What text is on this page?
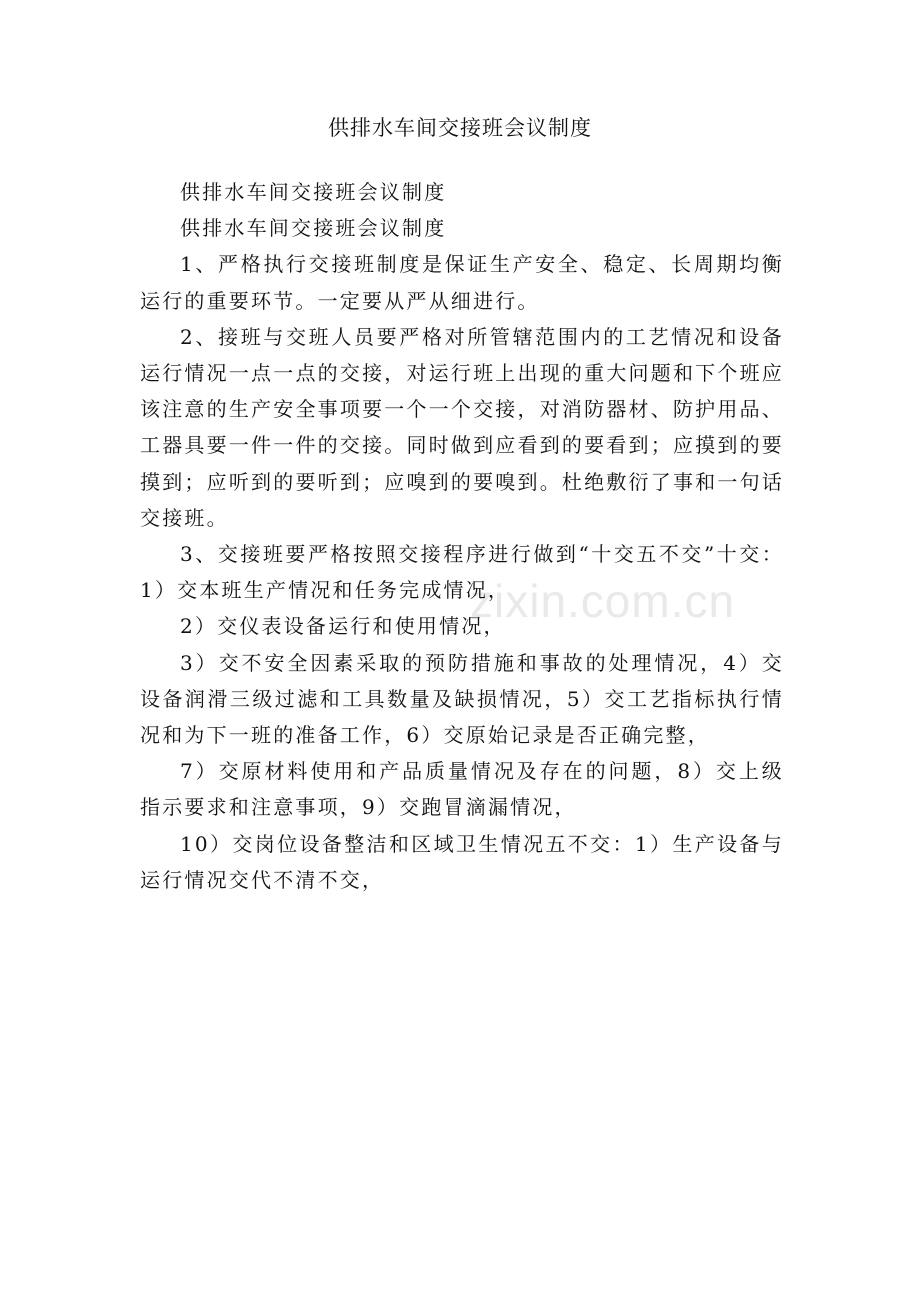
zixin.com.cn
供排水车间交接班会议制度

供排水车间交接班会议制度

供排水车间交接班会议制度

1、严格执行交接班制度是保证生产安全、稳定、长周期均衡运行的重要环节。一定要从严从细进行。

2、接班与交班人员要严格对所管辖范围内的工艺情况和设备运行情况一点一点的交接，对运行班上出现的重大问题和下个班应该注意的生产安全事项要一个一个交接，对消防器材、防护用品、工器具要一件一件的交接。同时做到应看到的要看到；应摸到的要摸到；应听到的要听到；应嗅到的要嗅到。杜绝敷衍了事和一句话交接班。

3、交接班要严格按照交接程序进行做到“十交五不交”十交：1）交本班生产情况和任务完成情况，

2）交仪表设备运行和使用情况，

3）交不安全因素采取的预防措施和事故的处理情况，4）交设备润滑三级过滤和工具数量及缺损情况，5）交工艺指标执行情况和为下一班的准备工作，6）交原始记录是否正确完整，

7）交原材料使用和产品质量情况及存在的问题，8）交上级指示要求和注意事项，9）交跑冒滴漏情况，

10）交岗位设备整洁和区域卫生情况五不交：1）生产设备与运行情况交代不清不交，
